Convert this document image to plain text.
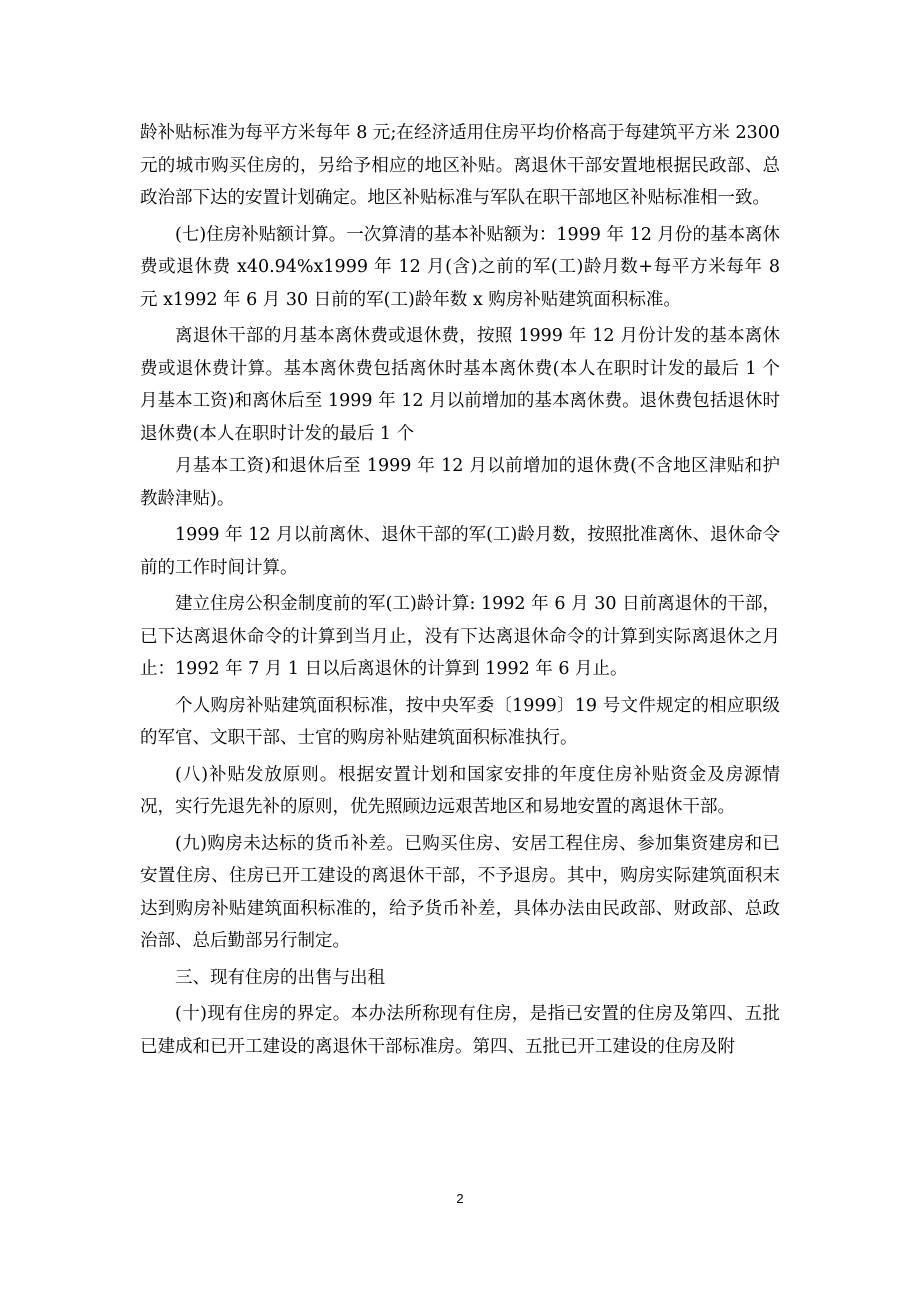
龄补贴标准为每平方米每年 8 元;在经济适用住房平均价格高于每建筑平方米 2300 元的城市购买住房的，另给予相应的地区补贴。离退休干部安置地根据民政部、总政治部下达的安置计划确定。地区补贴标准与军队在职干部地区补贴标准相一致。

(七)住房补贴额计算。一次算清的基本补贴额为：1999 年 12 月份的基本离休费或退休费 x40.94%x1999 年 12 月(含)之前的军(工)龄月数+每平方米每年 8 元 x1992 年 6 月 30 日前的军(工)龄年数 x 购房补贴建筑面积标准。

离退休干部的月基本离休费或退休费，按照 1999 年 12 月份计发的基本离休费或退休费计算。基本离休费包括离休时基本离休费(本人在职时计发的最后 1 个月基本工资)和离休后至 1999 年 12 月以前增加的基本离休费。退休费包括退休时退休费(本人在职时计发的最后 1 个

月基本工资)和退休后至 1999 年 12 月以前增加的退休费(不含地区津贴和护教龄津贴)。

1999 年 12 月以前离休、退休干部的军(工)龄月数，按照批准离休、退休命令前的工作时间计算。

建立住房公积金制度前的军(工)龄计算: 1992 年 6 月 30 日前离退休的干部，已下达离退休命令的计算到当月止，没有下达离退休命令的计算到实际离退休之月止：1992 年 7 月 1 日以后离退休的计算到 1992 年 6 月止。

个人购房补贴建筑面积标准，按中央军委〔1999〕19 号文件规定的相应职级的军官、文职干部、士官的购房补贴建筑面积标准执行。

(八)补贴发放原则。根据安置计划和国家安排的年度住房补贴资金及房源情况，实行先退先补的原则，优先照顾边远艰苦地区和易地安置的离退休干部。

(九)购房未达标的货币补差。已购买住房、安居工程住房、参加集资建房和已安置住房、住房已开工建设的离退休干部，不予退房。其中，购房实际建筑面积末达到购房补贴建筑面积标准的，给予货币补差，具体办法由民政部、财政部、总政治部、总后勤部另行制定。

三、现有住房的出售与出租

(十)现有住房的界定。本办法所称现有住房，是指已安置的住房及第四、五批已建成和已开工建设的离退休干部标准房。第四、五批已开工建设的住房及附

2
